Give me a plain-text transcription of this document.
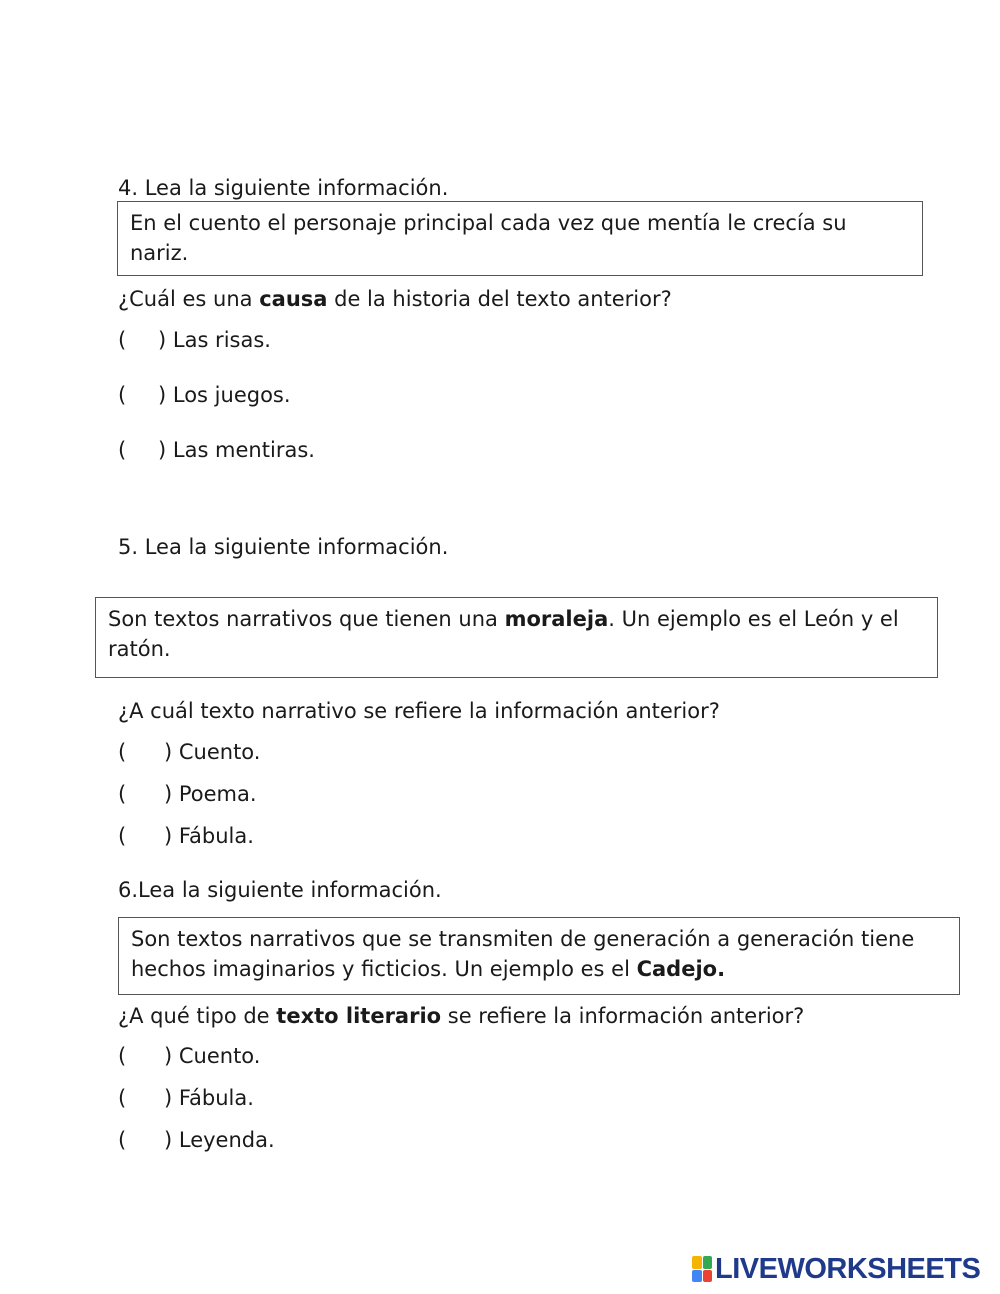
4. Lea la siguiente información.
En el cuento el personaje principal cada vez que mentía le crecía su nariz.
¿Cuál es una causa de la historia del texto anterior?
( ) Las risas.
( ) Los juegos.
( ) Las mentiras.
5. Lea la siguiente información.
Son textos narrativos que tienen una moraleja. Un ejemplo es el León y el ratón.
¿A cuál texto narrativo se refiere la información anterior?
( ) Cuento.
( ) Poema.
( ) Fábula.
6.Lea la siguiente información.
Son textos narrativos que se transmiten de generación a generación tiene hechos imaginarios y ficticios. Un ejemplo es el Cadejo.
¿A qué tipo de texto literario se refiere la información anterior?
( ) Cuento.
( ) Fábula.
( ) Leyenda.
LIVEWORKSHEETS
